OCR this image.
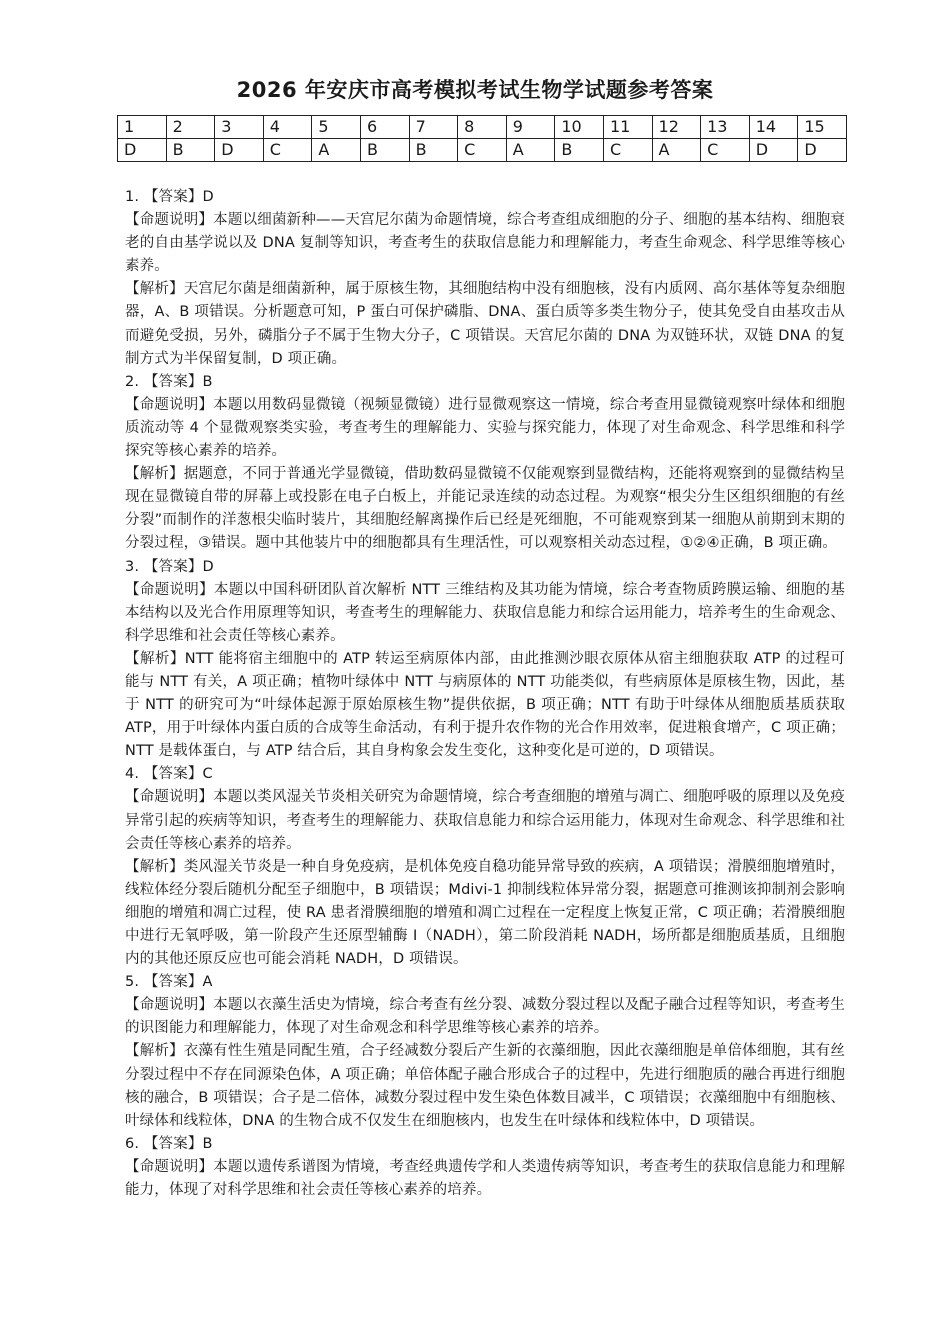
2026 年安庆市高考模拟考试生物学试题参考答案
1	2	3	4	5	6	7	8	9	10	11	12	13	14	15
D	B	D	C	A	B	B	C	A	B	C	A	C	D	D

1. 【答案】D

【命题说明】本题以细菌新种——天宫尼尔菌为命题情境，综合考查组成细胞的分子、细胞的基本结构、细胞衰老的自由基学说以及 DNA 复制等知识，考查考生的获取信息能力和理解能力，考查生命观念、科学思维等核心素养。

【解析】天宫尼尔菌是细菌新种，属于原核生物，其细胞结构中没有细胞核，没有内质网、高尔基体等复杂细胞器，A、B 项错误。分析题意可知，P 蛋白可保护磷脂、DNA、蛋白质等多类生物分子，使其免受自由基攻击从而避免受损，另外，磷脂分子不属于生物大分子，C 项错误。天宫尼尔菌的 DNA 为双链环状，双链 DNA 的复制方式为半保留复制，D 项正确。

2. 【答案】B

【命题说明】本题以用数码显微镜（视频显微镜）进行显微观察这一情境，综合考查用显微镜观察叶绿体和细胞质流动等 4 个显微观察类实验，考查考生的理解能力、实验与探究能力，体现了对生命观念、科学思维和科学探究等核心素养的培养。

【解析】据题意，不同于普通光学显微镜，借助数码显微镜不仅能观察到显微结构，还能将观察到的显微结构呈现在显微镜自带的屏幕上或投影在电子白板上，并能记录连续的动态过程。为观察“根尖分生区组织细胞的有丝分裂”而制作的洋葱根尖临时装片，其细胞经解离操作后已经是死细胞，不可能观察到某一细胞从前期到末期的分裂过程，③错误。题中其他装片中的细胞都具有生理活性，可以观察相关动态过程，①②④正确，B 项正确。

3. 【答案】D

【命题说明】本题以中国科研团队首次解析 NTT 三维结构及其功能为情境，综合考查物质跨膜运输、细胞的基本结构以及光合作用原理等知识，考查考生的理解能力、获取信息能力和综合运用能力，培养考生的生命观念、科学思维和社会责任等核心素养。

【解析】NTT 能将宿主细胞中的 ATP 转运至病原体内部，由此推测沙眼衣原体从宿主细胞获取 ATP 的过程可能与 NTT 有关，A 项正确；植物叶绿体中 NTT 与病原体的 NTT 功能类似，有些病原体是原核生物，因此，基于 NTT 的研究可为“叶绿体起源于原始原核生物”提供依据，B 项正确；NTT 有助于叶绿体从细胞质基质获取 ATP，用于叶绿体内蛋白质的合成等生命活动，有利于提升农作物的光合作用效率，促进粮食增产，C 项正确；NTT 是载体蛋白，与 ATP 结合后，其自身构象会发生变化，这种变化是可逆的，D 项错误。

4. 【答案】C

【命题说明】本题以类风湿关节炎相关研究为命题情境，综合考查细胞的增殖与凋亡、细胞呼吸的原理以及免疫异常引起的疾病等知识，考查考生的理解能力、获取信息能力和综合运用能力，体现对生命观念、科学思维和社会责任等核心素养的培养。

【解析】类风湿关节炎是一种自身免疫病，是机体免疫自稳功能异常导致的疾病，A 项错误；滑膜细胞增殖时，线粒体经分裂后随机分配至子细胞中，B 项错误；Mdivi-1 抑制线粒体异常分裂，据题意可推测该抑制剂会影响细胞的增殖和凋亡过程，使 RA 患者滑膜细胞的增殖和凋亡过程在一定程度上恢复正常，C 项正确；若滑膜细胞中进行无氧呼吸，第一阶段产生还原型辅酶 I（NADH），第二阶段消耗 NADH，场所都是细胞质基质，且细胞内的其他还原反应也可能会消耗 NADH，D 项错误。

5. 【答案】A

【命题说明】本题以衣藻生活史为情境，综合考查有丝分裂、减数分裂过程以及配子融合过程等知识，考查考生的识图能力和理解能力，体现了对生命观念和科学思维等核心素养的培养。

【解析】衣藻有性生殖是同配生殖，合子经减数分裂后产生新的衣藻细胞，因此衣藻细胞是单倍体细胞，其有丝分裂过程中不存在同源染色体，A 项正确；单倍体配子融合形成合子的过程中，先进行细胞质的融合再进行细胞核的融合，B 项错误；合子是二倍体，减数分裂过程中发生染色体数目减半，C 项错误；衣藻细胞中有细胞核、叶绿体和线粒体，DNA 的生物合成不仅发生在细胞核内，也发生在叶绿体和线粒体中，D 项错误。

6. 【答案】B

【命题说明】本题以遗传系谱图为情境，考查经典遗传学和人类遗传病等知识，考查考生的获取信息能力和理解能力，体现了对科学思维和社会责任等核心素养的培养。
